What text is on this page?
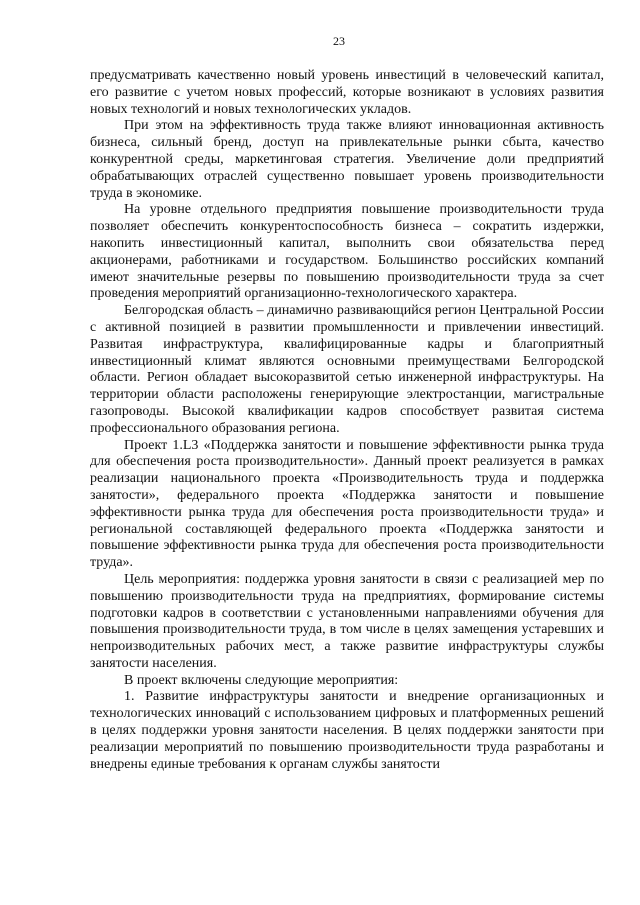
23

предусматривать качественно новый уровень инвестиций в человеческий капитал, его развитие с учетом новых профессий, которые возникают в условиях развития новых технологий и новых технологических укладов.

При этом на эффективность труда также влияют инновационная активность бизнеса, сильный бренд, доступ на привлекательные рынки сбыта, качество конкурентной среды, маркетинговая стратегия. Увеличение доли предприятий обрабатывающих отраслей существенно повышает уровень производительности труда в экономике.

На уровне отдельного предприятия повышение производительности труда позволяет обеспечить конкурентоспособность бизнеса – сократить издержки, накопить инвестиционный капитал, выполнить свои обязательства перед акционерами, работниками и государством. Большинство российских компаний имеют значительные резервы по повышению производительности труда за счет проведения мероприятий организационно-технологического характера.

Белгородская область – динамично развивающийся регион Центральной России с активной позицией в развитии промышленности и привлечении инвестиций. Развитая инфраструктура, квалифицированные кадры и благоприятный инвестиционный климат являются основными преимуществами Белгородской области. Регион обладает высокоразвитой сетью инженерной инфраструктуры. На территории области расположены генерирующие электростанции, магистральные газопроводы. Высокой квалификации кадров способствует развитая система профессионального образования региона.

Проект 1.L3 «Поддержка занятости и повышение эффективности рынка труда для обеспечения роста производительности». Данный проект реализуется в рамках реализации национального проекта «Производительность труда и поддержка занятости», федерального проекта «Поддержка занятости и повышение эффективности рынка труда для обеспечения роста производительности труда» и региональной составляющей федерального проекта «Поддержка занятости и повышение эффективности рынка труда для обеспечения роста производительности труда».

Цель мероприятия: поддержка уровня занятости в связи с реализацией мер по повышению производительности труда на предприятиях, формирование системы подготовки кадров в соответствии с установленными направлениями обучения для повышения производительности труда, в том числе в целях замещения устаревших и непроизводительных рабочих мест, а также развитие инфраструктуры службы занятости населения.

В проект включены следующие мероприятия:

1. Развитие инфраструктуры занятости и внедрение организационных и технологических инноваций с использованием цифровых и платформенных решений в целях поддержки уровня занятости населения. В целях поддержки занятости при реализации мероприятий по повышению производительности труда разработаны и внедрены единые требования к органам службы занятости
